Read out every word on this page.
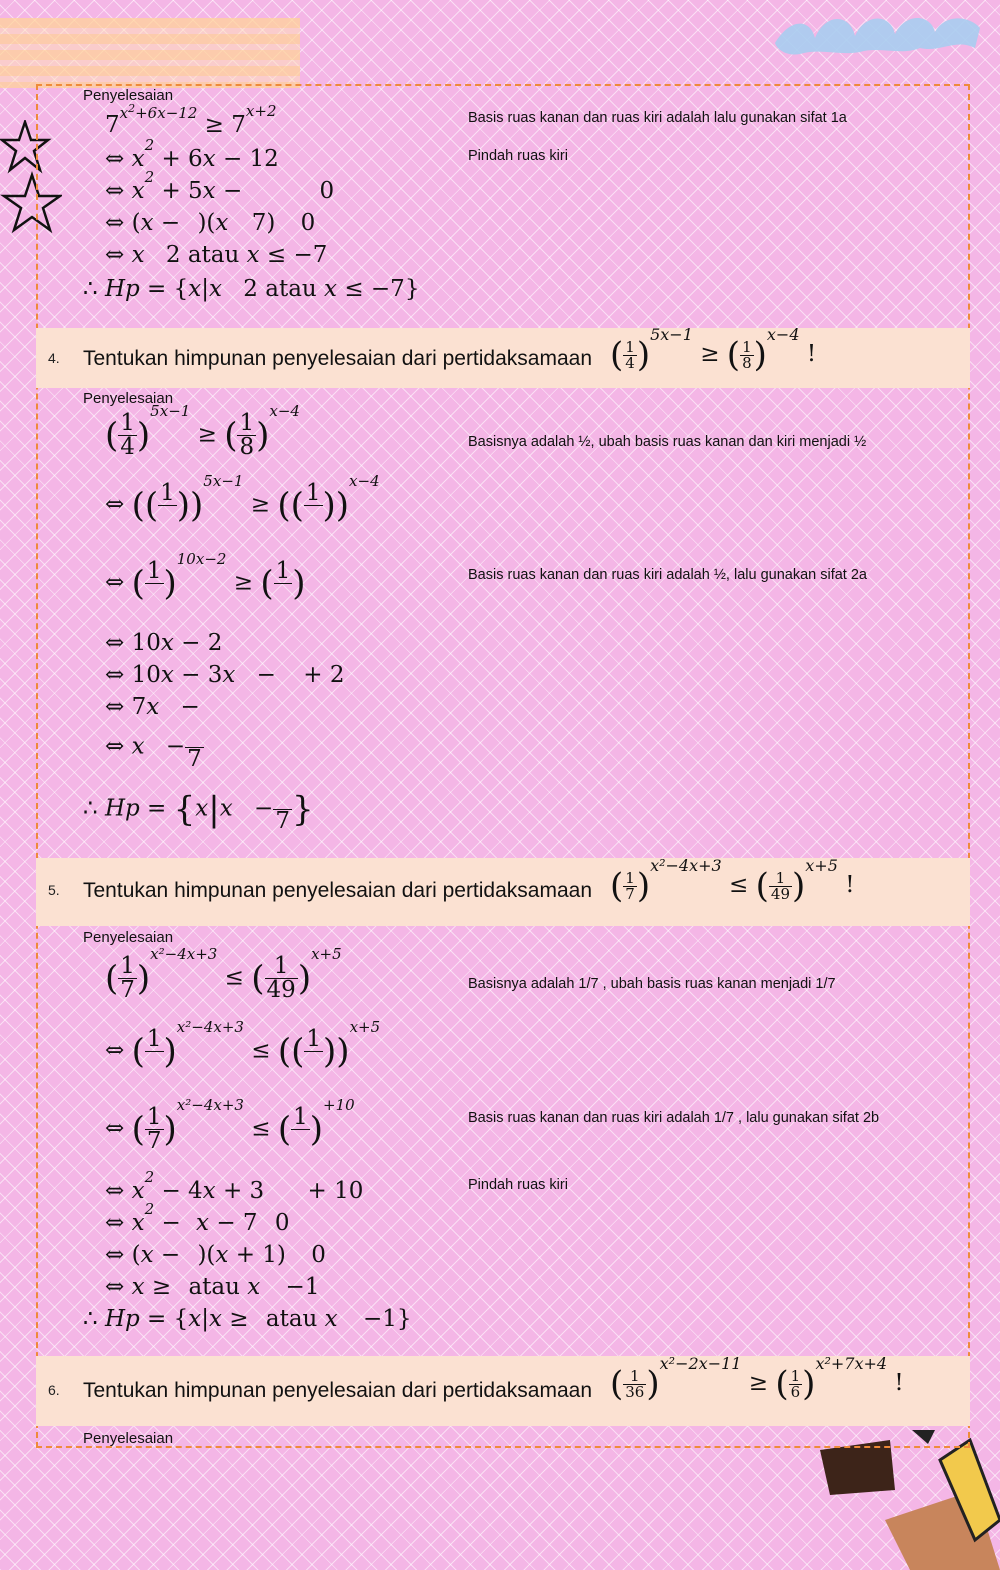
Penyelesaian
$7^{x^2+6x-12} \ge 7^{x+2}$
⇔ $x^2 + 6x - 12$
⇔ $x^2 + 5x$ −	0
⇔ (x − )(x 7) 0
⇔ x 2 atau x ≤ −7
∴ Hp = {x|x 2 atau x ≤ −7}
Basis ruas kanan dan ruas kiri adalah lalu gunakan sifat 1a
Pindah ruas kiri
4. Tentukan himpunan penyelesaian dari pertidaksamaan ( $\frac{1}{4} )^{5x-1}$ ≥ ( $\frac{1}{8} )^{x-4}$ !
Penyelesaian
( $\frac{1}{4} )^{5x-1}$ ≥ ( $\frac{1}{8} )^{x-4}$
⇔ (( 1
))$^{5x-1}$ ≥ (( 1
))$^{x-4}$
⇔ ( 1
)$^{10x-2}$ ≥ ( 1
)
⇔ 10x − 2
⇔ 10x − 3x − + 2
⇔ 7x −
⇔ x −
7
∴ Hp = {x|x −
7 }
Basisnya adalah ½, ubah basis ruas kanan dan kiri menjadi ½
Basis ruas kanan dan ruas kiri adalah ½, lalu gunakan sifat 2a
5. Tentukan himpunan penyelesaian dari pertidaksamaan ( $\frac{1}{7} )^{x^2-4x+3}$ ≤ ( $\frac{1}{49} )^{x+5}$ !
Penyelesaian
( $\frac{1}{7} )^{x^2-4x+3}$ ≤ ( $\frac{1}{49} )^{x+5}$
⇔ ( 1
)$^{x^2-4x+3}$ ≤ (( 1
))$^{x+5}$
⇔ ( $\frac{1}{7} )^{x^2-4x+3}$ ≤ ( 1
)$^{+10}$
⇔ $x^2 - 4x + 3 + 10$
⇔ $x^2 - x - 7$ 0
⇔ (x − )(x + 1) 0
⇔ x ≥ atau x −1
∴ Hp = {x|x ≥ atau x −1}
Basisnya adalah 1/7 , ubah basis ruas kanan menjadi 1/7
Basis ruas kanan dan ruas kiri adalah 1/7 , lalu gunakan sifat 2b
Pindah ruas kiri
6. Tentukan himpunan penyelesaian dari pertidaksamaan ( $\frac{1}{36} )^{x^2-2x-11}$ ≥ ( $\frac{1}{6} )^{x^2+7x+4}$ !
Penyelesaian
